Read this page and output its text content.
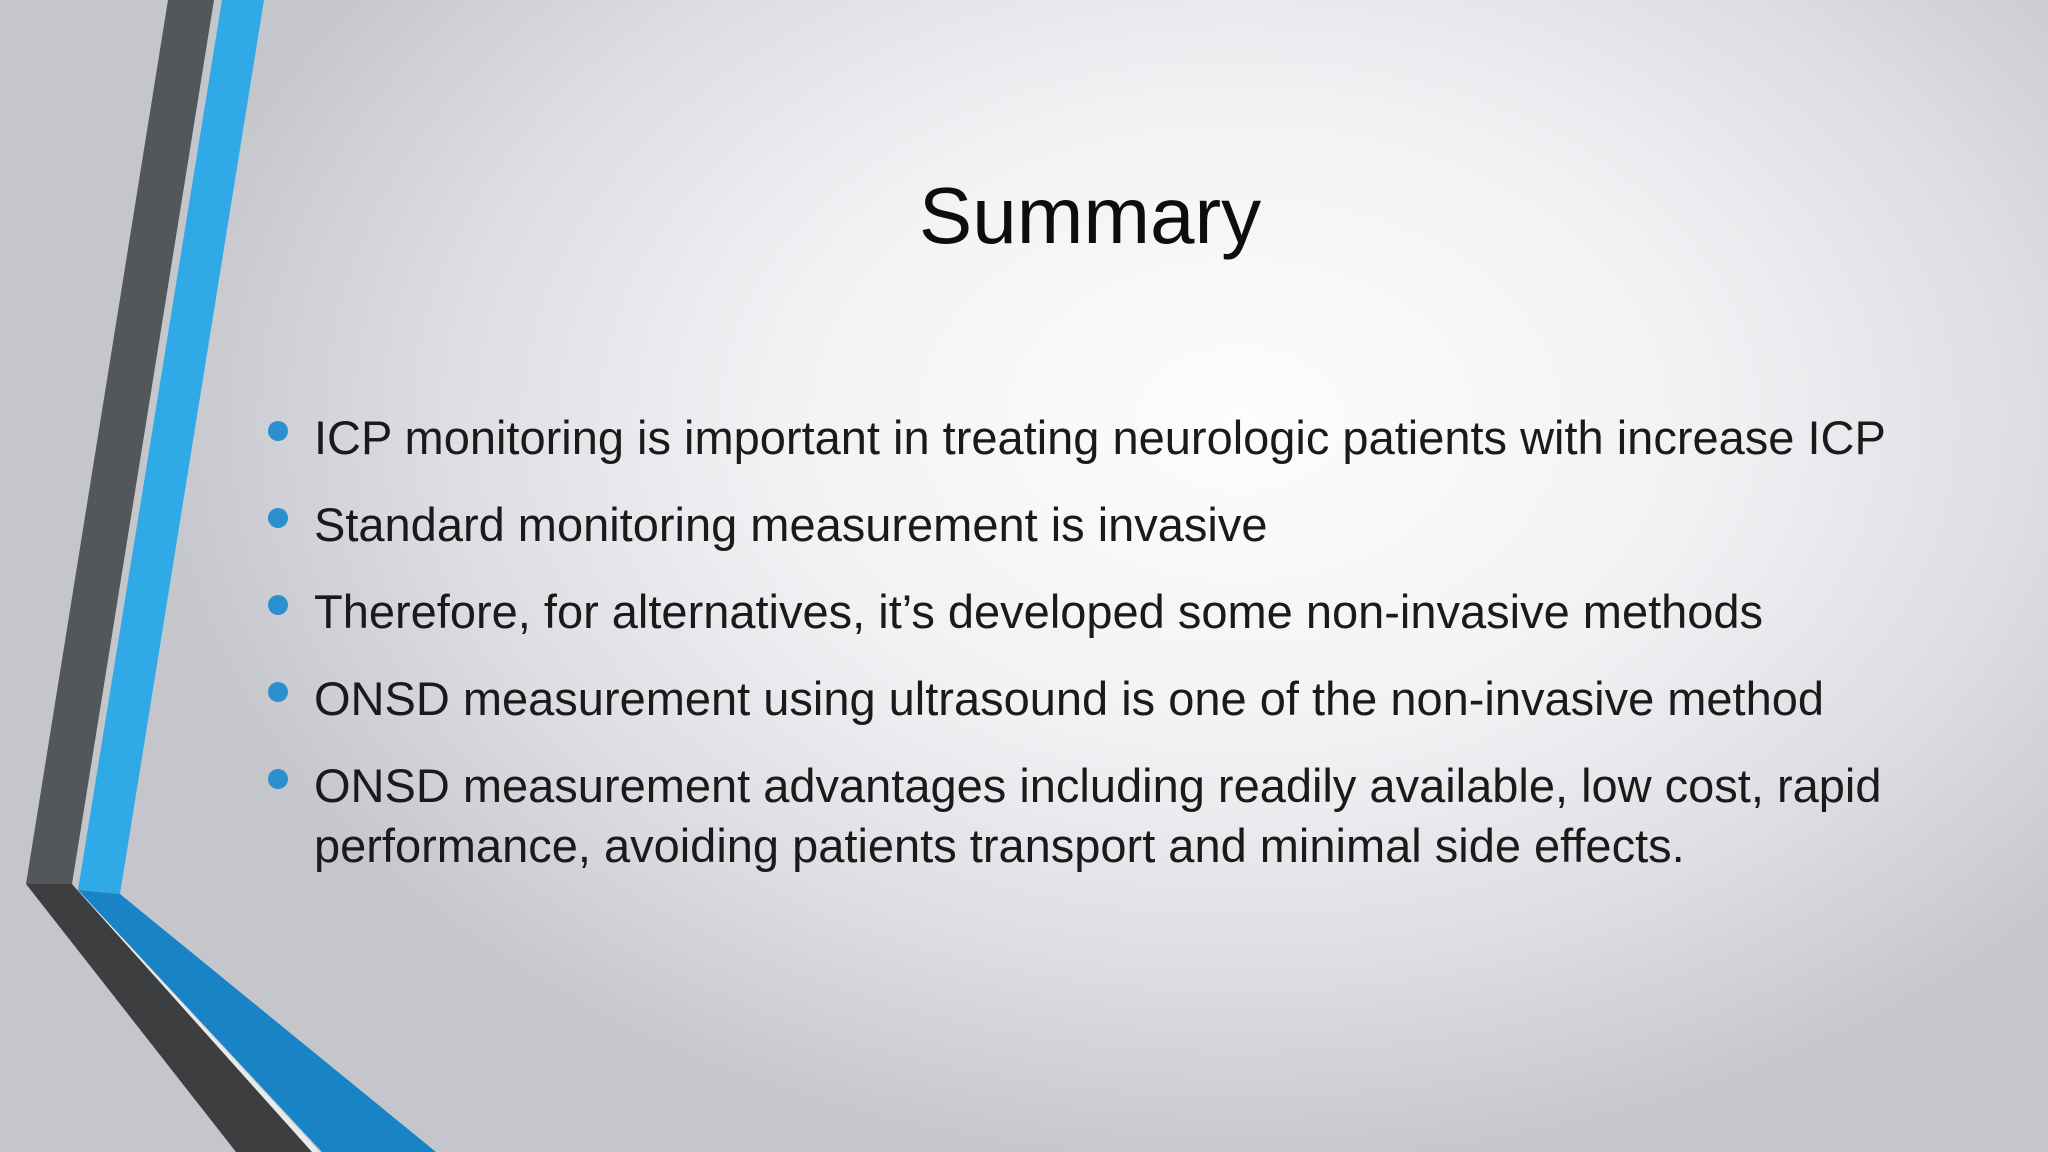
Summary
ICP monitoring is important in treating neurologic patients with increase ICP
Standard monitoring measurement is invasive
Therefore, for alternatives, it’s developed some non-invasive methods
ONSD measurement using ultrasound is one of the non-invasive method
ONSD measurement advantages including readily available, low cost, rapid performance, avoiding patients transport and minimal side effects.
